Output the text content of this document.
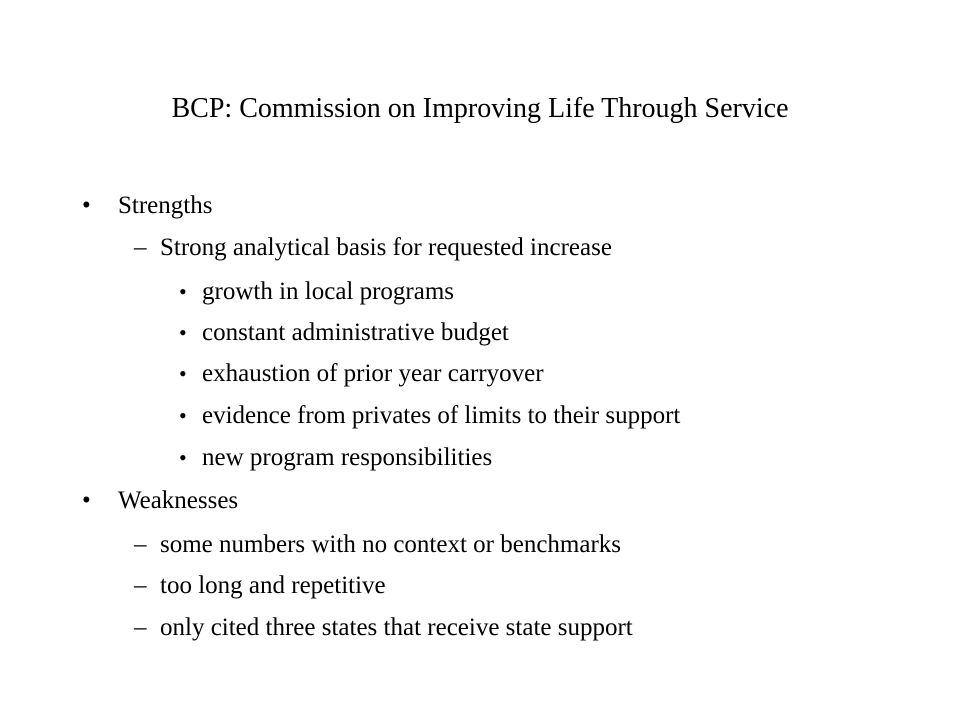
BCP: Commission on Improving Life Through Service
• Strengths
– Strong analytical basis for requested increase
• growth in local programs
• constant administrative budget
• exhaustion of prior year carryover
• evidence from privates of limits to their support
• new program responsibilities
• Weaknesses
– some numbers with no context or benchmarks
– too long and repetitive
– only cited three states that receive state support
